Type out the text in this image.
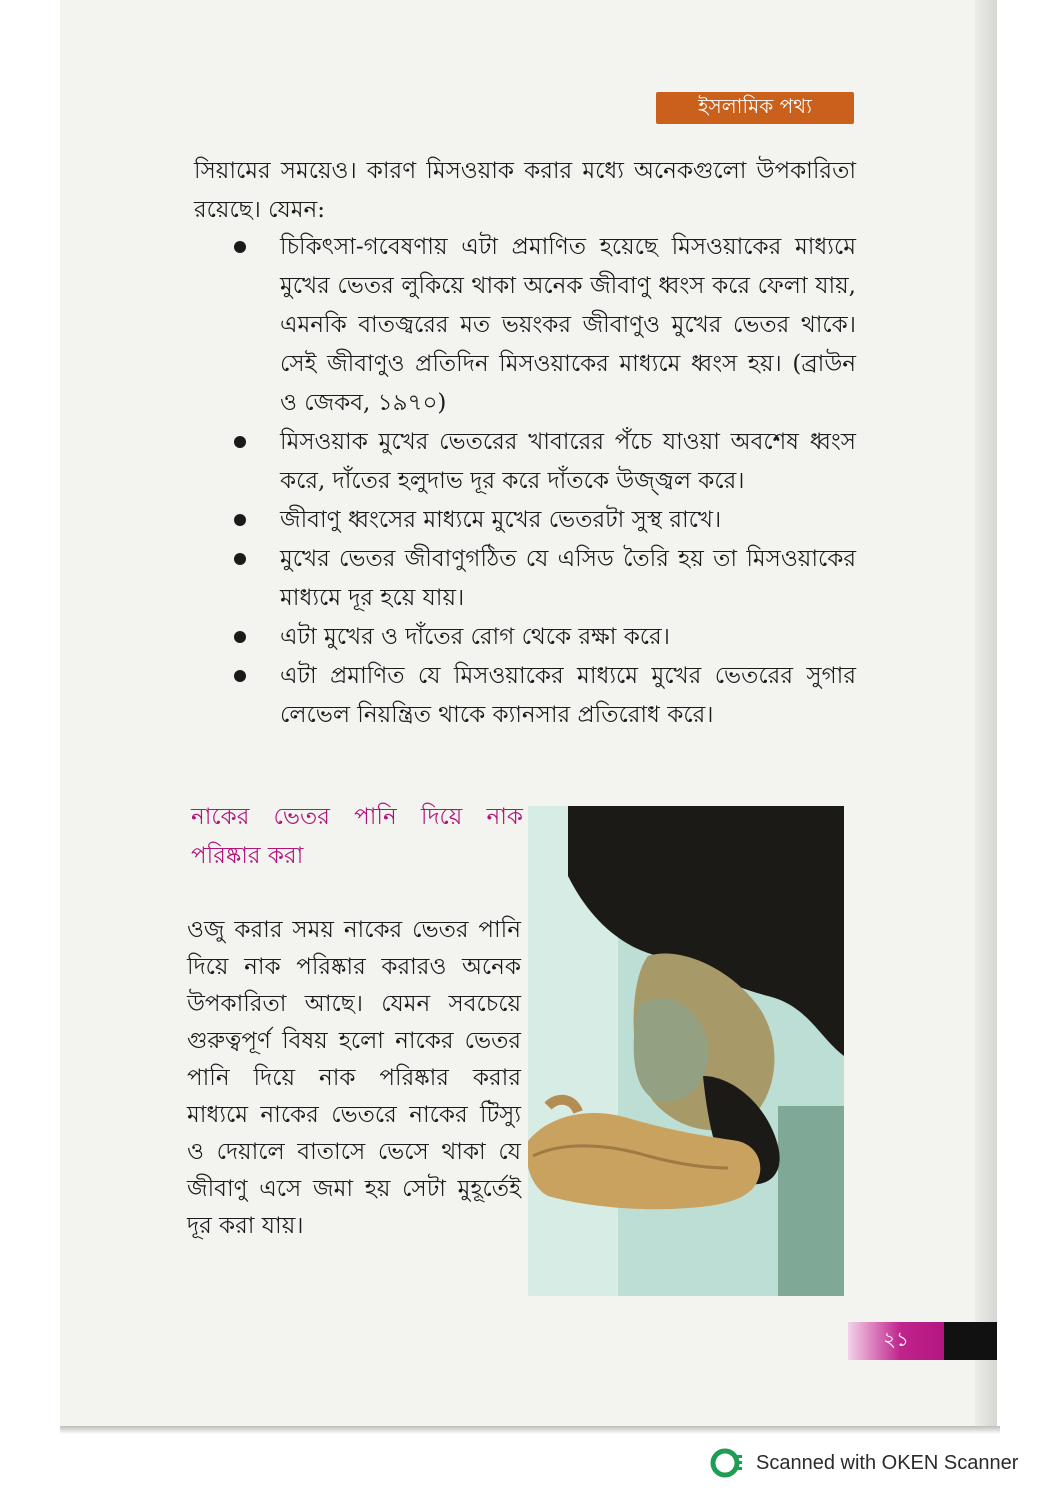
ইসলামিক পথ্য

সিয়ামের সময়েও। কারণ মিসওয়াক করার মধ্যে অনেকগুলো উপকারিতা রয়েছে। যেমন:

চিকিৎসা-গবেষণায় এটা প্রমাণিত হয়েছে মিসওয়াকের মাধ্যমে মুখের ভেতর লুকিয়ে থাকা অনেক জীবাণু ধ্বংস করে ফেলা যায়, এমনকি বাতজ্বরের মত ভয়ংকর জীবাণুও মুখের ভেতর থাকে। সেই জীবাণুও প্রতিদিন মিসওয়াকের মাধ্যমে ধ্বংস হয়। (ব্রাউন ও জেকব, ১৯৭০)
মিসওয়াক মুখের ভেতরের খাবারের পঁচে যাওয়া অবশেষ ধ্বংস করে, দাঁতের হলুদাভ দূর করে দাঁতকে উজ্জ্বল করে।
জীবাণু ধ্বংসের মাধ্যমে মুখের ভেতরটা সুস্থ রাখে।
মুখের ভেতর জীবাণুগঠিত যে এসিড তৈরি হয় তা মিসওয়াকের মাধ্যমে দূর হয়ে যায়।
এটা মুখের ও দাঁতের রোগ থেকে রক্ষা করে।
এটা প্রমাণিত যে মিসওয়াকের মাধ্যমে মুখের ভেতরের সুগার লেভেল নিয়ন্ত্রিত থাকে ক্যানসার প্রতিরোধ করে।
নাকের ভেতর পানি দিয়ে নাক পরিষ্কার করা

ওজু করার সময় নাকের ভেতর পানি দিয়ে নাক পরিষ্কার করারও অনেক উপকারিতা আছে। যেমন সবচেয়ে গুরুত্বপূর্ণ বিষয় হলো নাকের ভেতর পানি দিয়ে নাক পরিষ্কার করার মাধ্যমে নাকের ভেতরে নাকের টিস্যু ও দেয়ালে বাতাসে ভেসে থাকা যে জীবাণু এসে জমা হয় সেটা মুহূর্তেই দূর করা যায়।

২১
Scanned with OKEN Scanner
